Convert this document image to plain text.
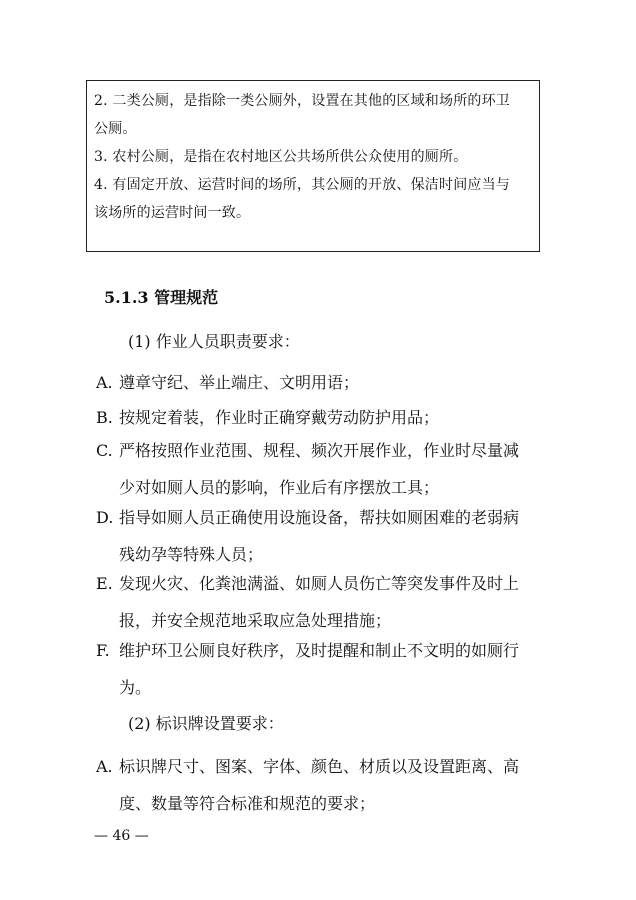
2. 二类公厕，是指除一类公厕外，设置在其他的区域和场所的环卫
公厕。
3. 农村公厕，是指在农村地区公共场所供公众使用的厕所。
4. 有固定开放、运营时间的场所，其公厕的开放、保洁时间应当与
该场所的运营时间一致。
5.1.3 管理规范
(1) 作业人员职责要求：
A. 遵章守纪、举止端庄、文明用语；
B. 按规定着装，作业时正确穿戴劳动防护用品；
C. 严格按照作业范围、规程、频次开展作业，作业时尽量减
少对如厕人员的影响，作业后有序摆放工具；
D. 指导如厕人员正确使用设施设备，帮扶如厕困难的老弱病
残幼孕等特殊人员；
E. 发现火灾、化粪池满溢、如厕人员伤亡等突发事件及时上
报，并安全规范地采取应急处理措施；
F. 维护环卫公厕良好秩序，及时提醒和制止不文明的如厕行
为。
(2) 标识牌设置要求：
A. 标识牌尺寸、图案、字体、颜色、材质以及设置距离、高
度、数量等符合标准和规范的要求；
— 46 —
